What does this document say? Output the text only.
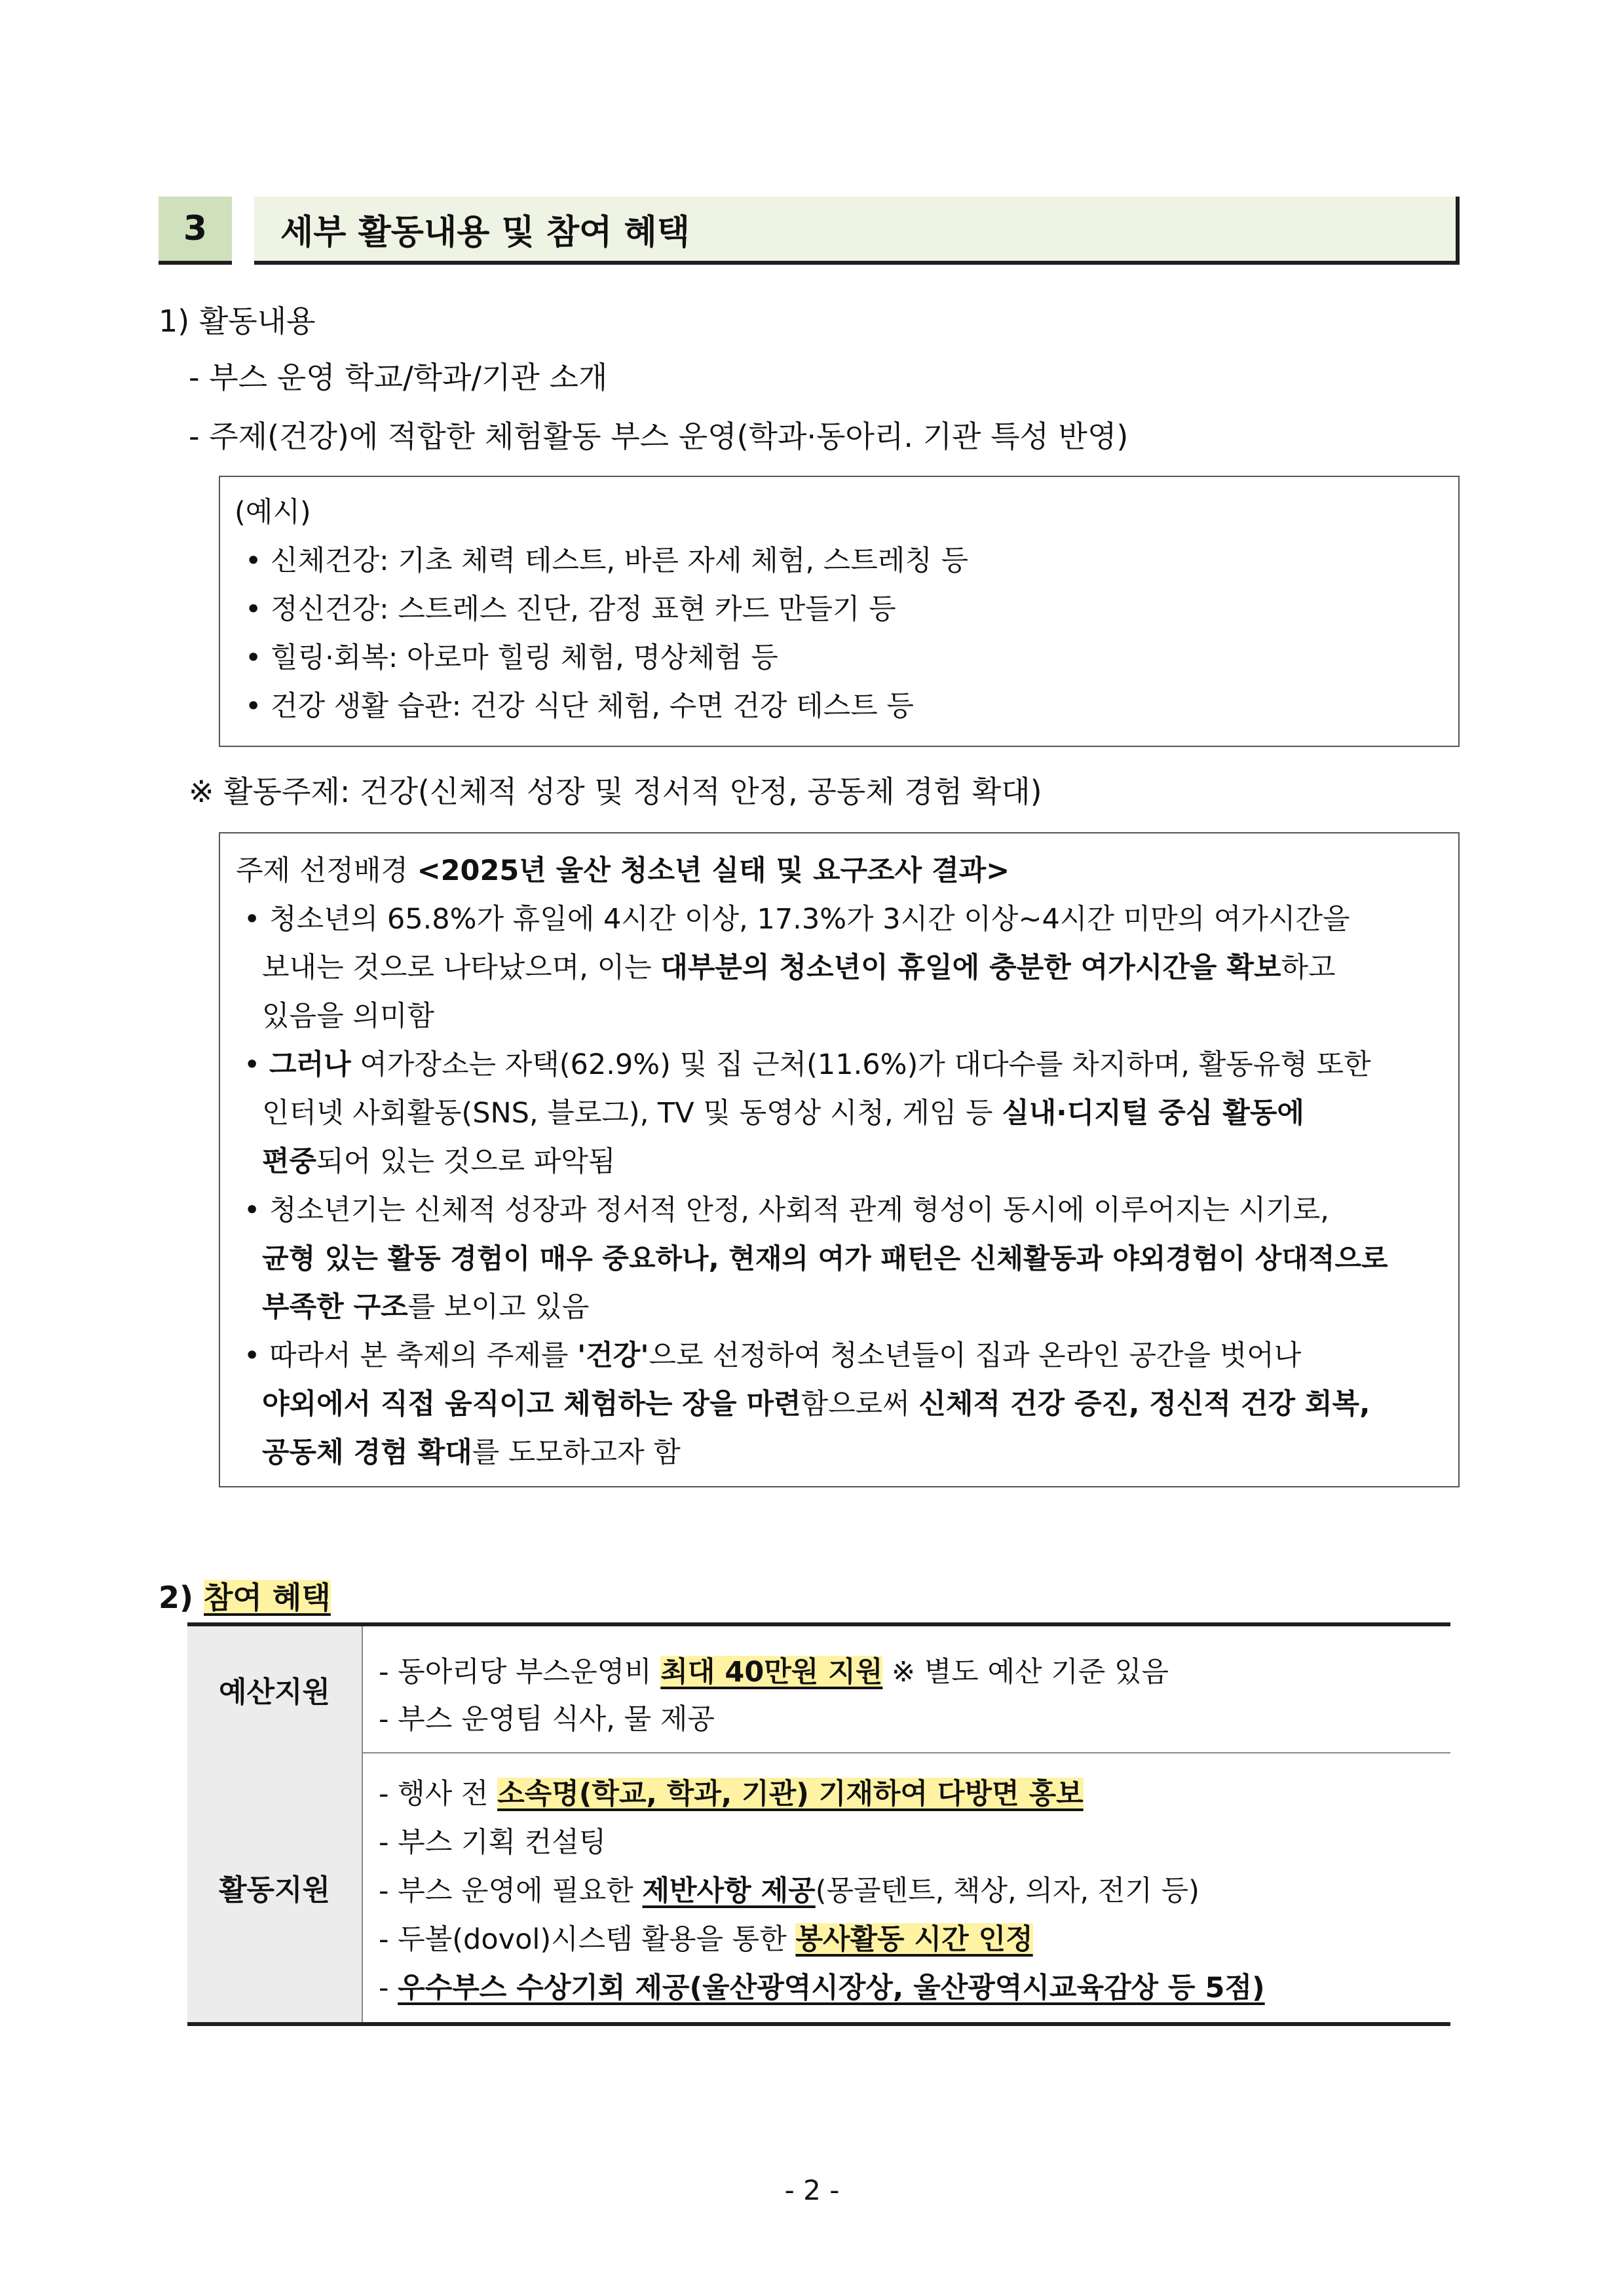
3	세부 활동내용 및 참여 혜택
1) 활동내용
- 부스 운영 학교/학과/기관 소개
- 주제(건강)에 적합한 체험활동 부스 운영(학과·동아리. 기관 특성 반영)
(예시)
• 신체건강: 기초 체력 테스트, 바른 자세 체험, 스트레칭 등
• 정신건강: 스트레스 진단, 감정 표현 카드 만들기 등
• 힐링·회복: 아로마 힐링 체험, 명상체험 등
• 건강 생활 습관: 건강 식단 체험, 수면 건강 테스트 등
※ 활동주제: 건강(신체적 성장 및 정서적 안정, 공동체 경험 확대)
주제 선정배경 <2025년 울산 청소년 실태 및 요구조사 결과>
• 청소년의 65.8%가 휴일에 4시간 이상, 17.3%가 3시간 이상~4시간 미만의 여가시간을
보내는 것으로 나타났으며, 이는 대부분의 청소년이 휴일에 충분한 여가시간을 확보하고
있음을 의미함
• 그러나 여가장소는 자택(62.9%) 및 집 근처(11.6%)가 대다수를 차지하며, 활동유형 또한
인터넷 사회활동(SNS, 블로그), TV 및 동영상 시청, 게임 등 실내·디지털 중심 활동에
편중되어 있는 것으로 파악됨
• 청소년기는 신체적 성장과 정서적 안정, 사회적 관계 형성이 동시에 이루어지는 시기로,
균형 있는 활동 경험이 매우 중요하나, 현재의 여가 패턴은 신체활동과 야외경험이 상대적으로
부족한 구조를 보이고 있음
• 따라서 본 축제의 주제를 '건강'으로 선정하여 청소년들이 집과 온라인 공간을 벗어나
야외에서 직접 움직이고 체험하는 장을 마련함으로써 신체적 건강 증진, 정신적 건강 회복,
공동체 경험 확대를 도모하고자 함
2) 참여 혜택
예산지원
- 동아리당 부스운영비 최대 40만원 지원 ※ 별도 예산 기준 있음
- 부스 운영팀 식사, 물 제공
활동지원
- 행사 전 소속명(학교, 학과, 기관) 기재하여 다방면 홍보
- 부스 기획 컨설팅
- 부스 운영에 필요한 제반사항 제공(몽골텐트, 책상, 의자, 전기 등)
- 두볼(dovol)시스템 활용을 통한 봉사활동 시간 인정
- 우수부스 수상기회 제공(울산광역시장상, 울산광역시교육감상 등 5점)
- 2 -
